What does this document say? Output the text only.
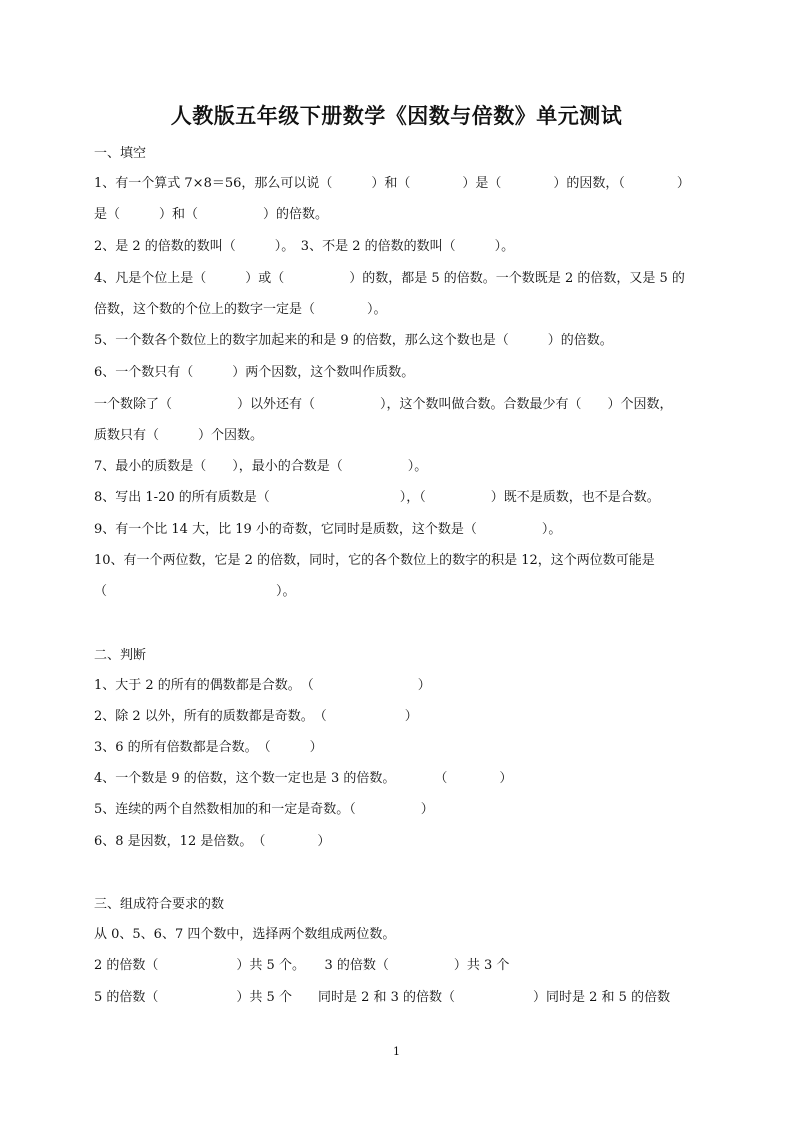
人教版五年级下册数学《因数与倍数》单元测试
一、填空
1、有一个算式 7×8＝56，那么可以说（　　　）和（　　　　）是（　　　　）的因数，（　　　　）
是（　　　）和（　　　　　）的倍数。
2、是 2 的倍数的数叫（　　　）。　3、不是 2 的倍数的数叫（　　　）。
4、凡是个位上是（　　　）或（　　　　　）的数，都是 5 的倍数。一个数既是 2 的倍数，又是 5 的
倍数，这个数的个位上的数字一定是（　　　　）。
5、一个数各个数位上的数字加起来的和是 9 的倍数，那么这个数也是（　　　）的倍数。
6、一个数只有（　　　）两个因数，这个数叫作质数。
一个数除了（　　　　　）以外还有（　　　　　），这个数叫做合数。合数最少有（　　）个因数，
质数只有（　　　）个因数。
7、最小的质数是（　　），最小的合数是（　　　　　）。
8、写出 1-20 的所有质数是（　　　　　　　　　　），（　　　　　）既不是质数，也不是合数。
9、有一个比 14 大，比 19 小的奇数，它同时是质数，这个数是（　　　　　）。
10、有一个两位数，它是 2 的倍数，同时，它的各个数位上的数字的积是 12，这个两位数可能是
（　　　　　　　　　　　　　）。
二、判断
1、大于 2 的所有的偶数都是合数。　（　　　　　　　　）
2、除 2 以外，所有的质数都是奇数。　（　　　　　　）
3、6 的所有倍数都是合数。　（　　　）
4、一个数是 9 的倍数，这个数一定也是 3 的倍数。　　　　（　　　　）
5、连续的两个自然数相加的和一定是奇数。（　　　　　）
6、8 是因数，12 是倍数。　（　　　　）
三、组成符合要求的数
从 0、5、6、7 四个数中，选择两个数组成两位数。
2 的倍数（　　　　　　）共 5 个。　　3 的倍数（　　　　　）共 3 个
5 的倍数（　　　　　　）共 5 个　　同时是 2 和 3 的倍数（　　　　　　）同时是 2 和 5 的倍数
1
